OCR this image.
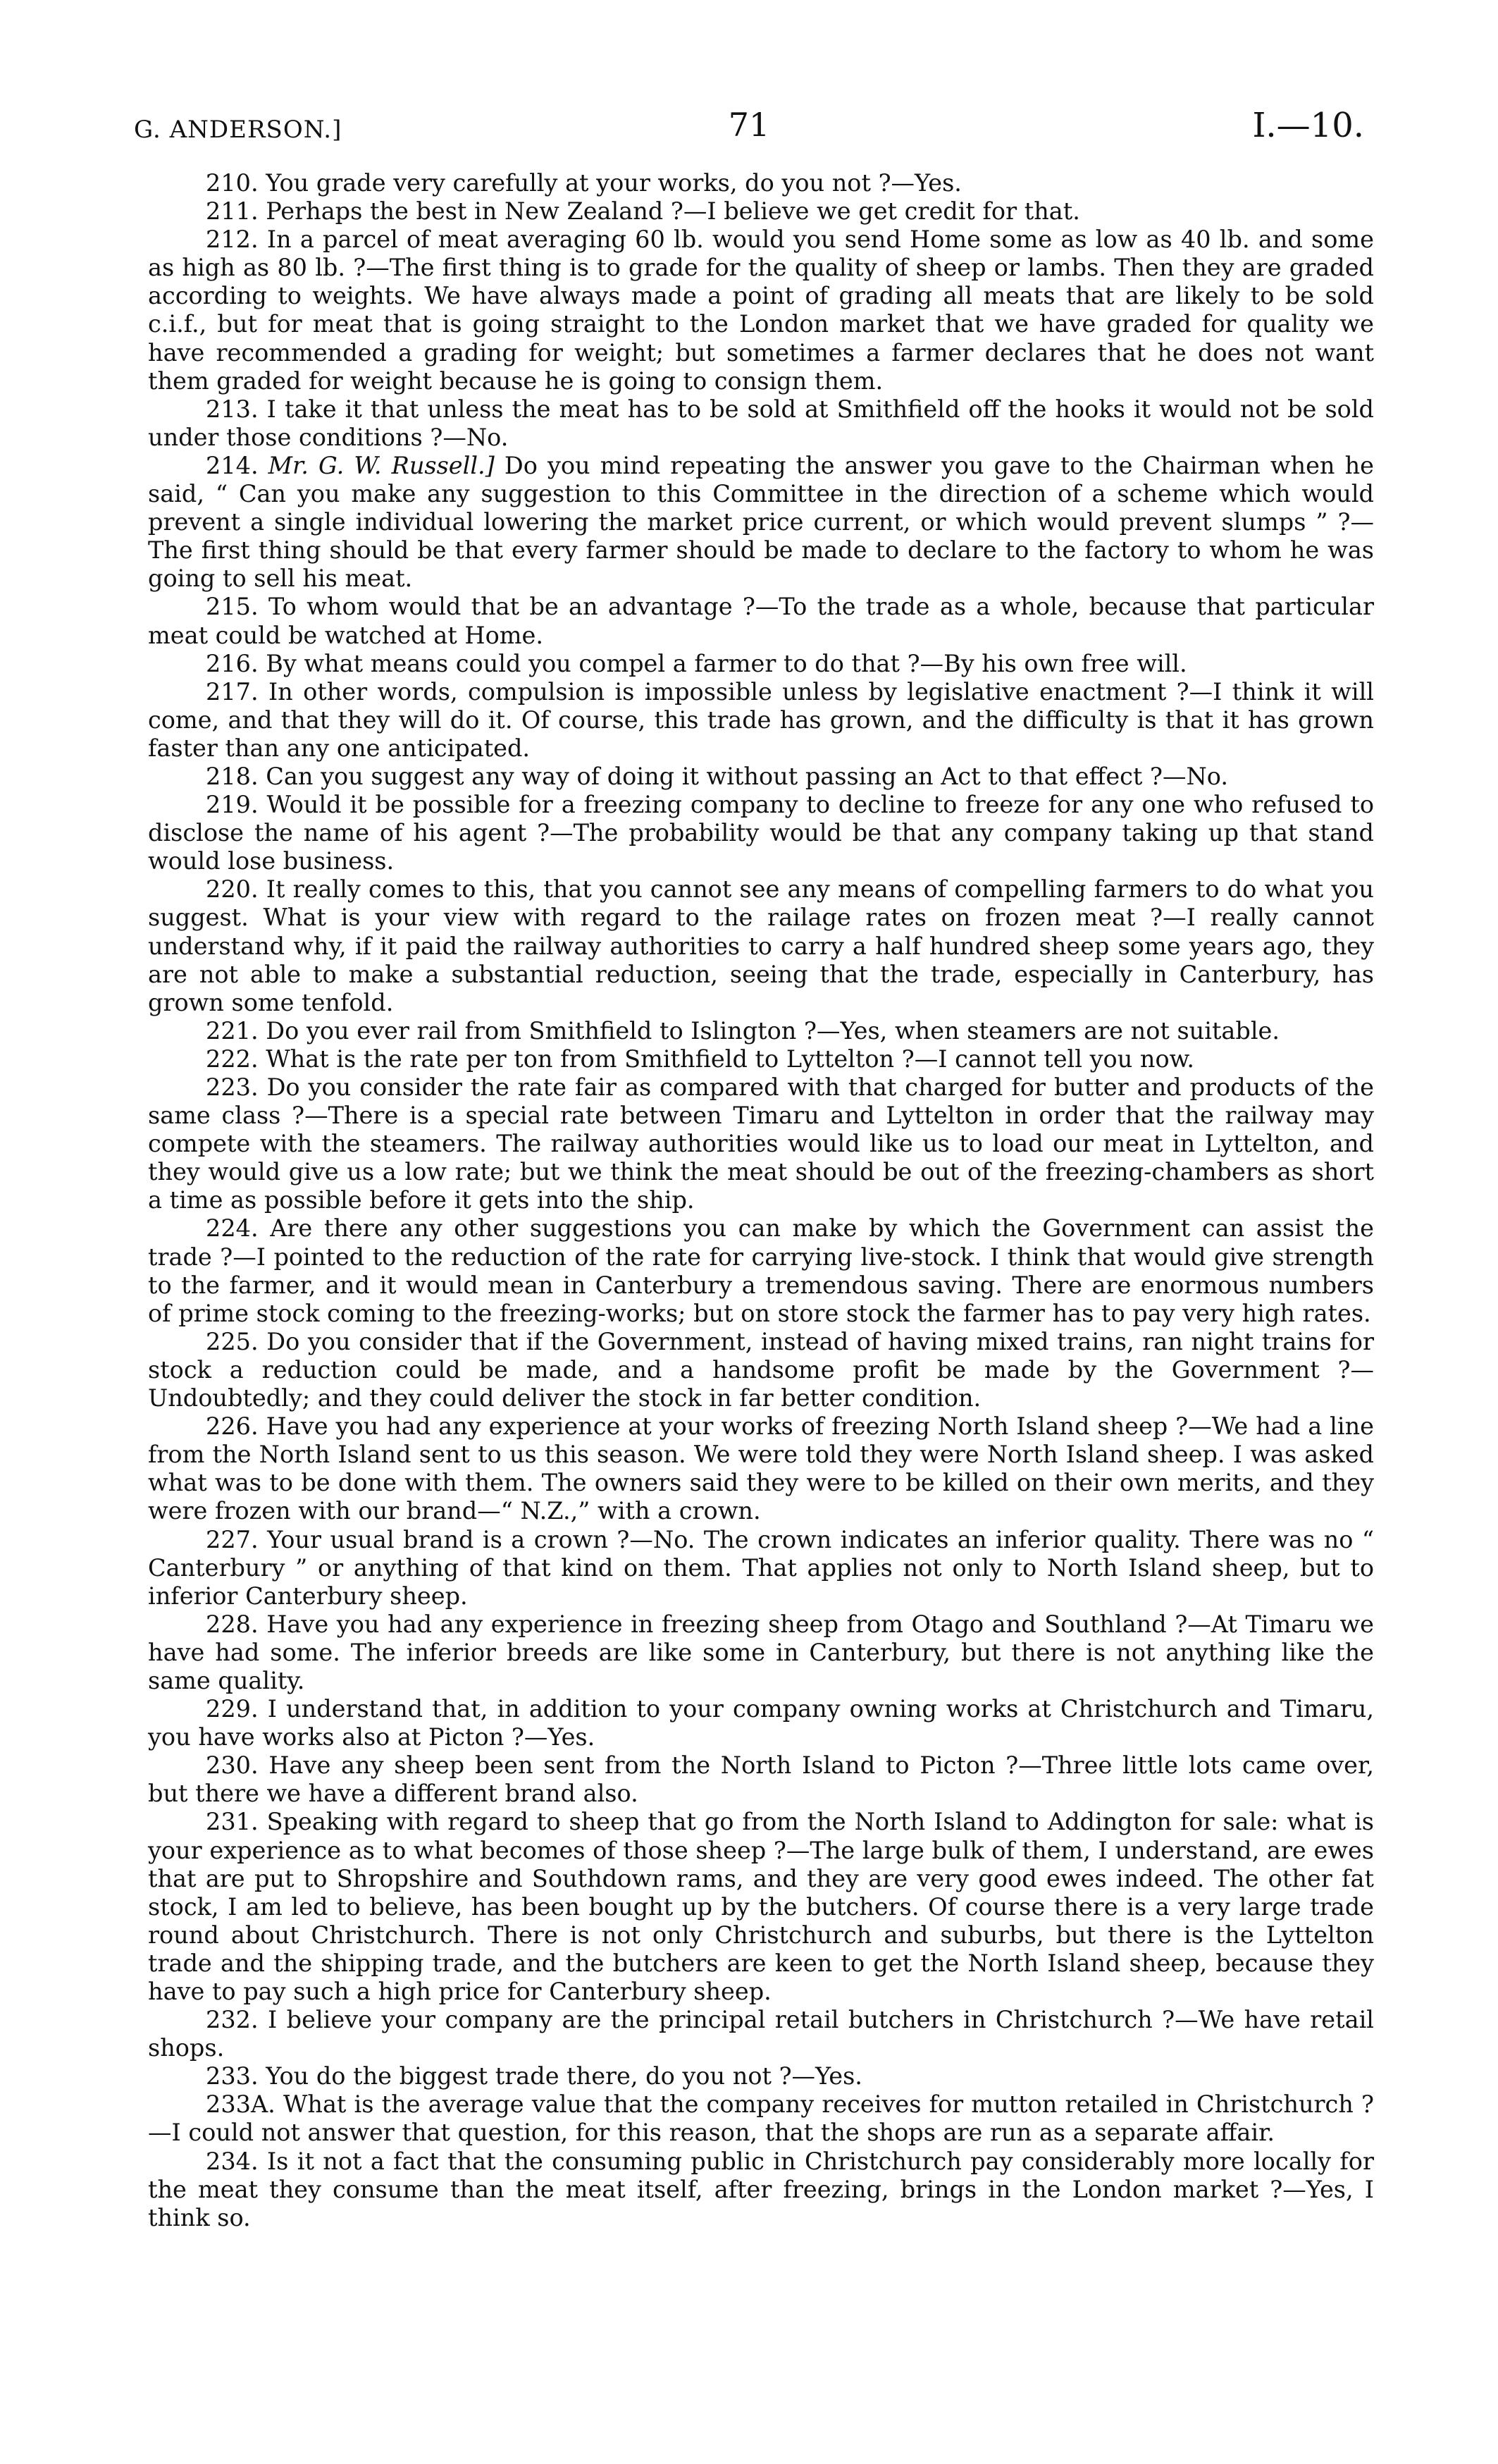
G. ANDERSON.]	71	I.—10.

210. You grade very carefully at your works, do you not ?—Yes.

211. Perhaps the best in New Zealand ?—I believe we get credit for that.

212. In a parcel of meat averaging 60 lb. would you send Home some as low as 40 lb. and some as high as 80 lb. ?—The first thing is to grade for the quality of sheep or lambs. Then they are graded according to weights. We have always made a point of grading all meats that are likely to be sold c.i.f., but for meat that is going straight to the London market that we have graded for quality we have recommended a grading for weight; but sometimes a farmer declares that he does not want them graded for weight because he is going to consign them.

213. I take it that unless the meat has to be sold at Smithfield off the hooks it would not be sold under those conditions ?—No.

214. Mr. G. W. Russell.] Do you mind repeating the answer you gave to the Chairman when he said, “ Can you make any suggestion to this Committee in the direction of a scheme which would prevent a single individual lowering the market price current, or which would prevent slumps ” ?—The first thing should be that every farmer should be made to declare to the factory to whom he was going to sell his meat.

215. To whom would that be an advantage ?—To the trade as a whole, because that particular meat could be watched at Home.

216. By what means could you compel a farmer to do that ?—By his own free will.

217. In other words, compulsion is impossible unless by legislative enactment ?—I think it will come, and that they will do it. Of course, this trade has grown, and the difficulty is that it has grown faster than any one anticipated.

218. Can you suggest any way of doing it without passing an Act to that effect ?—No.

219. Would it be possible for a freezing company to decline to freeze for any one who refused to disclose the name of his agent ?—The probability would be that any company taking up that stand would lose business.

220. It really comes to this, that you cannot see any means of compelling farmers to do what you suggest. What is your view with regard to the railage rates on frozen meat ?—I really cannot understand why, if it paid the railway authorities to carry a half hundred sheep some years ago, they are not able to make a substantial reduction, seeing that the trade, especially in Canterbury, has grown some tenfold.

221. Do you ever rail from Smithfield to Islington ?—Yes, when steamers are not suitable.

222. What is the rate per ton from Smithfield to Lyttelton ?—I cannot tell you now.

223. Do you consider the rate fair as compared with that charged for butter and products of the same class ?—There is a special rate between Timaru and Lyttelton in order that the railway may compete with the steamers. The railway authorities would like us to load our meat in Lyttelton, and they would give us a low rate; but we think the meat should be out of the freezing-chambers as short a time as possible before it gets into the ship.

224. Are there any other suggestions you can make by which the Government can assist the trade ?—I pointed to the reduction of the rate for carrying live-stock. I think that would give strength to the farmer, and it would mean in Canterbury a tremendous saving. There are enormous numbers of prime stock coming to the freezing-works; but on store stock the farmer has to pay very high rates.

225. Do you consider that if the Government, instead of having mixed trains, ran night trains for stock a reduction could be made, and a handsome profit be made by the Government ?—Undoubtedly; and they could deliver the stock in far better condition.

226. Have you had any experience at your works of freezing North Island sheep ?—We had a line from the North Island sent to us this season. We were told they were North Island sheep. I was asked what was to be done with them. The owners said they were to be killed on their own merits, and they were frozen with our brand—“ N.Z.,” with a crown.

227. Your usual brand is a crown ?—No. The crown indicates an inferior quality. There was no “ Canterbury ” or anything of that kind on them. That applies not only to North Island sheep, but to inferior Canterbury sheep.

228. Have you had any experience in freezing sheep from Otago and Southland ?—At Timaru we have had some. The inferior breeds are like some in Canterbury, but there is not anything like the same quality.

229. I understand that, in addition to your company owning works at Christchurch and Timaru, you have works also at Picton ?—Yes.

230. Have any sheep been sent from the North Island to Picton ?—Three little lots came over, but there we have a different brand also.

231. Speaking with regard to sheep that go from the North Island to Addington for sale: what is your experience as to what becomes of those sheep ?—The large bulk of them, I understand, are ewes that are put to Shropshire and Southdown rams, and they are very good ewes indeed. The other fat stock, I am led to believe, has been bought up by the butchers. Of course there is a very large trade round about Christchurch. There is not only Christchurch and suburbs, but there is the Lyttelton trade and the shipping trade, and the butchers are keen to get the North Island sheep, because they have to pay such a high price for Canterbury sheep.

232. I believe your company are the principal retail butchers in Christchurch ?—We have retail shops.

233. You do the biggest trade there, do you not ?—Yes.

233A. What is the average value that the company receives for mutton retailed in Christchurch ?—I could not answer that question, for this reason, that the shops are run as a separate affair.

234. Is it not a fact that the consuming public in Christchurch pay considerably more locally for the meat they consume than the meat itself, after freezing, brings in the London market ?—Yes, I think so.
